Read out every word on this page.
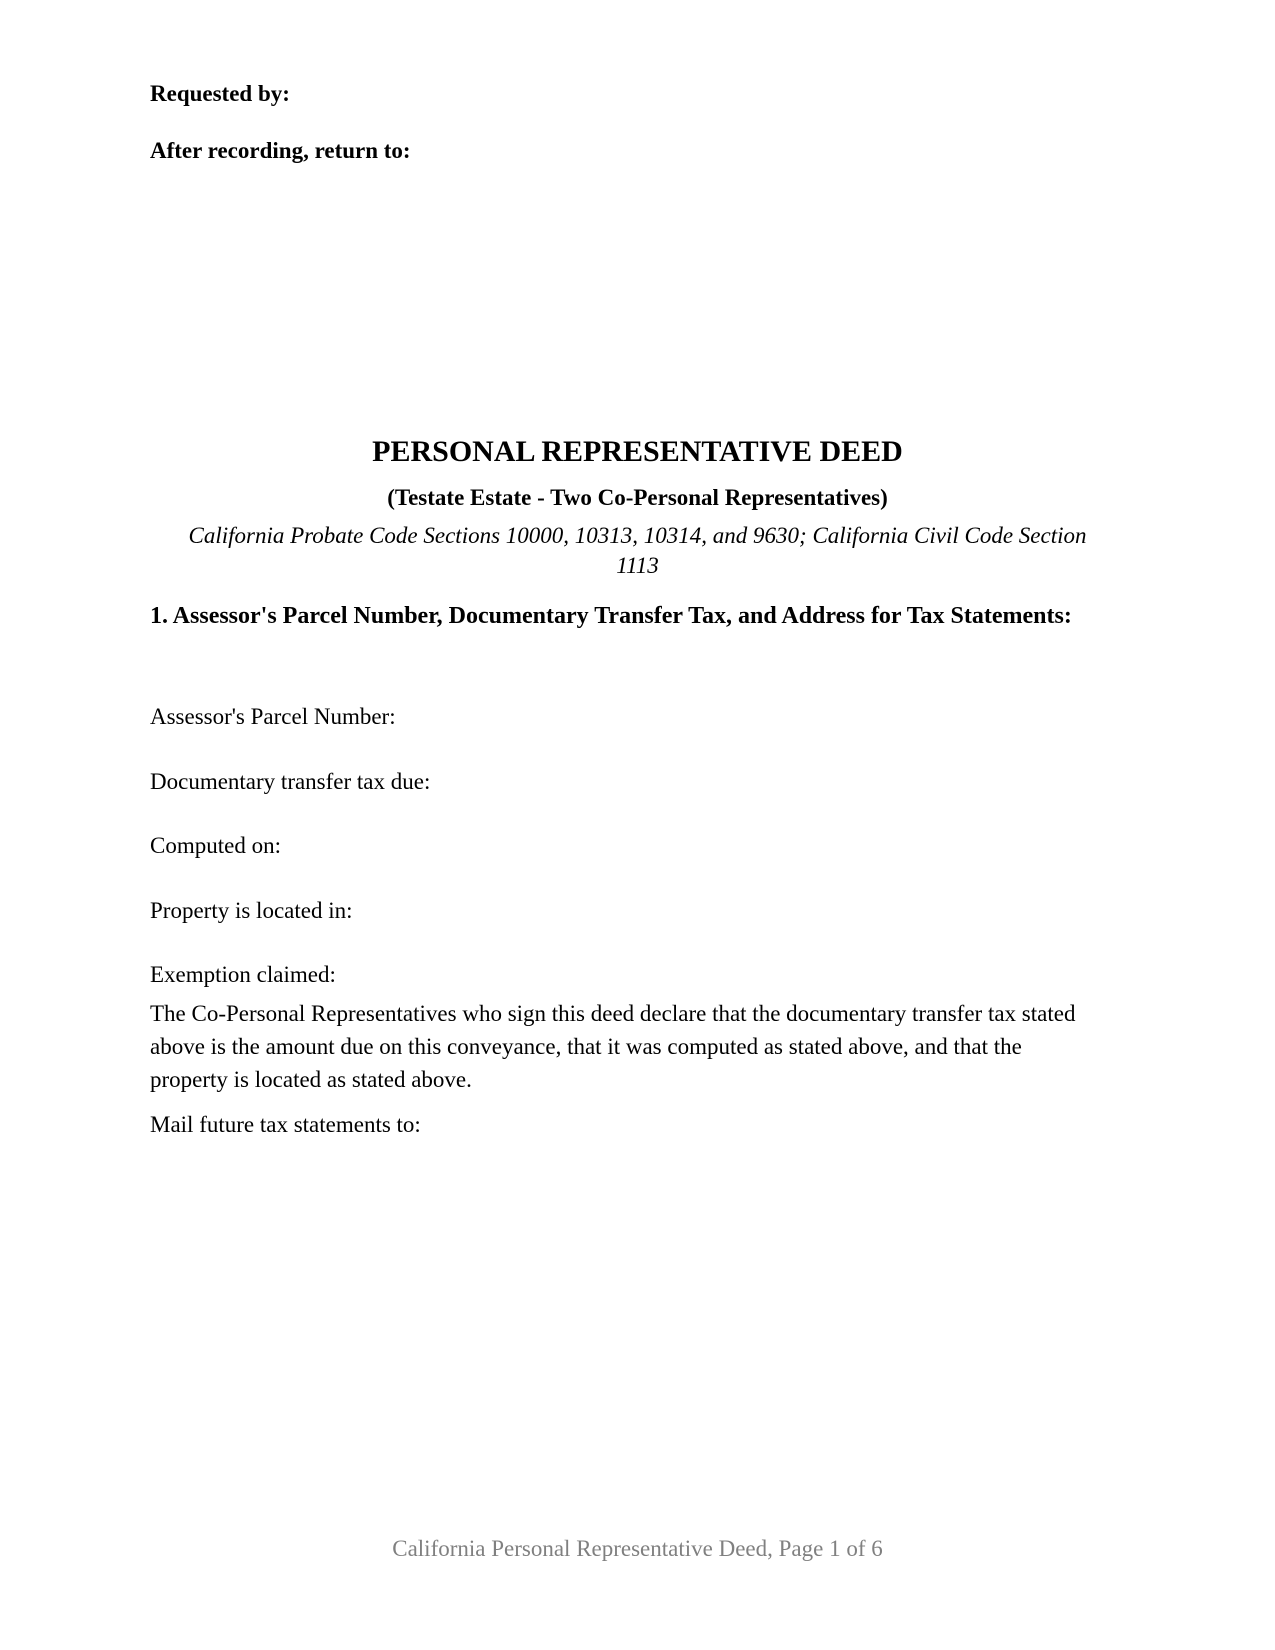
Requested by:

After recording, return to:

PERSONAL REPRESENTATIVE DEED
(Testate Estate - Two Co-Personal Representatives)

California Probate Code Sections 10000, 10313, 10314, and 9630; California Civil Code Section 1113

1. Assessor's Parcel Number, Documentary Transfer Tax, and Address for Tax Statements:

Assessor's Parcel Number:

Documentary transfer tax due:

Computed on:

Property is located in:

Exemption claimed:

The Co-Personal Representatives who sign this deed declare that the documentary transfer tax stated above is the amount due on this conveyance, that it was computed as stated above, and that the property is located as stated above.

Mail future tax statements to:

California Personal Representative Deed, Page 1 of 6
